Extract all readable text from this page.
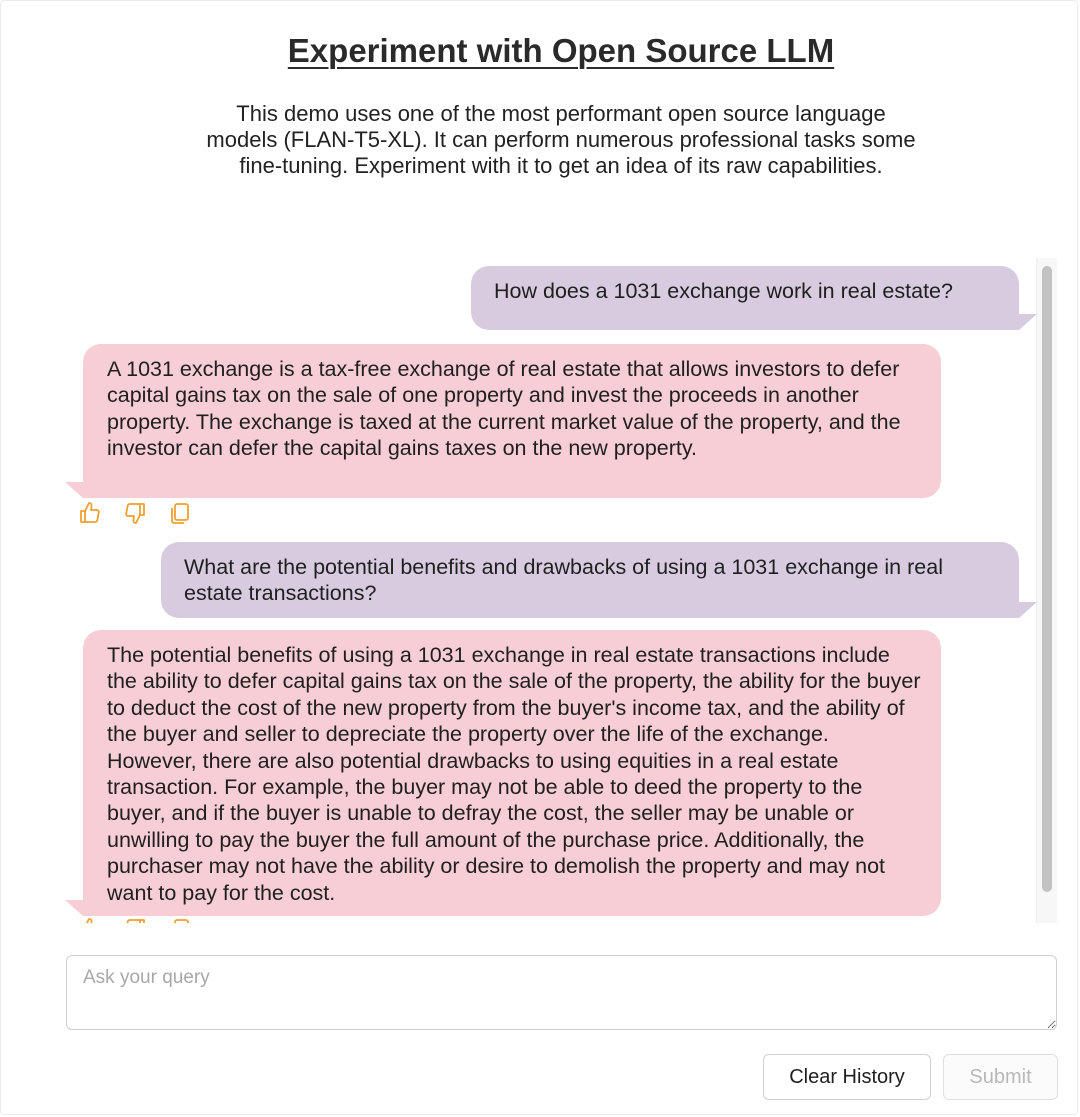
Experiment with Open Source LLM

This demo uses one of the most performant open source language models (FLAN-T5-XL). It can perform numerous professional tasks some fine-tuning. Experiment with it to get an idea of its raw capabilities.

How does a 1031 exchange work in real estate?
A 1031 exchange is a tax-free exchange of real estate that allows investors to defer capital gains tax on the sale of one property and invest the proceeds in another property. The exchange is taxed at the current market value of the property, and the investor can defer the capital gains taxes on the new property.
What are the potential benefits and drawbacks of using a 1031 exchange in real estate transactions?
The potential benefits of using a 1031 exchange in real estate transactions include the ability to defer capital gains tax on the sale of the property, the ability for the buyer to deduct the cost of the new property from the buyer's income tax, and the ability of the buyer and seller to depreciate the property over the life of the exchange. However, there are also potential drawbacks to using equities in a real estate transaction. For example, the buyer may not be able to deed the property to the buyer, and if the buyer is unable to defray the cost, the seller may be unable or unwilling to pay the buyer the full amount of the purchase price. Additionally, the purchaser may not have the ability or desire to demolish the property and may not want to pay for the cost.
Ask your query
Clear History	Submit
